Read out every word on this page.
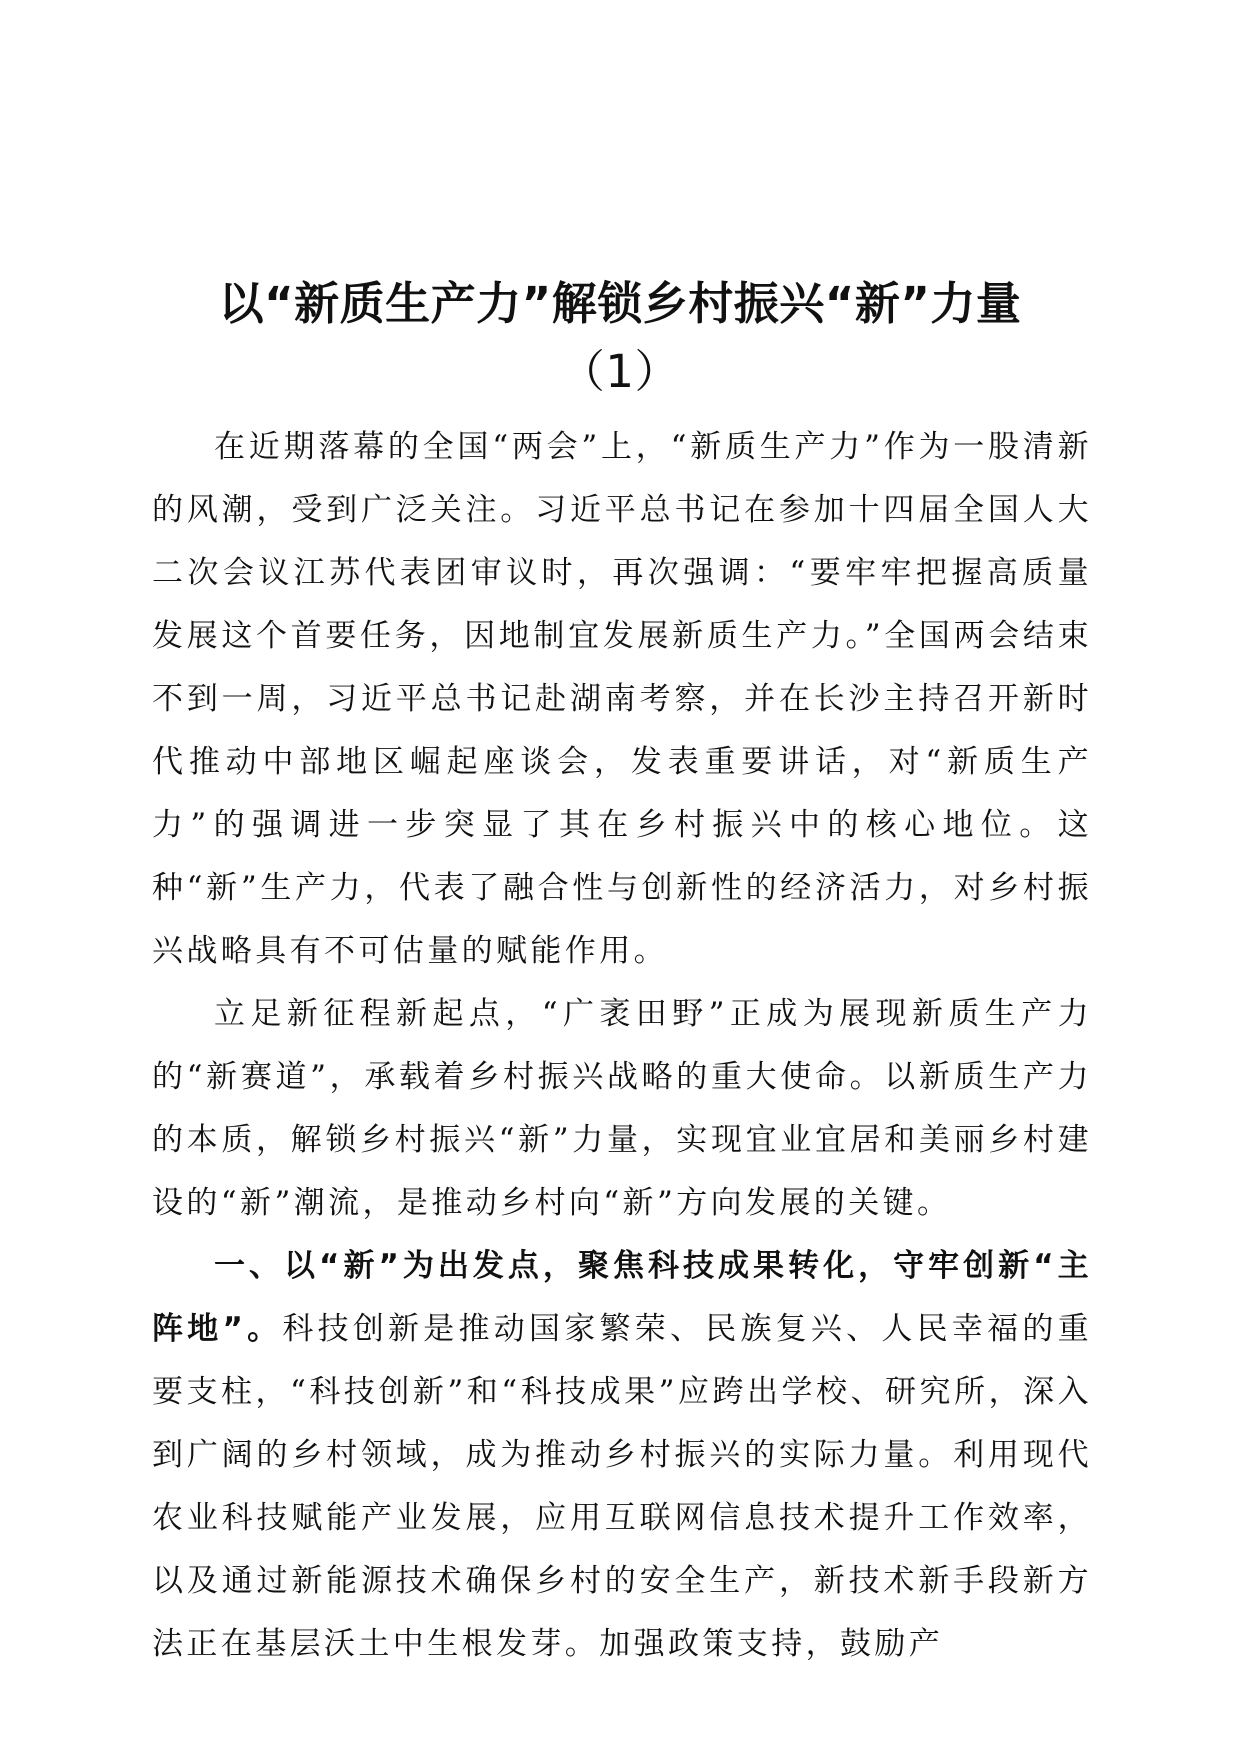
以“新质生产力”解锁乡村振兴“新”力量
（1）

在近期落幕的全国“两会”上，“新质生产力”作为一股清新的风潮，受到广泛关注。习近平总书记在参加十四届全国人大二次会议江苏代表团审议时，再次强调：“要牢牢把握高质量发展这个首要任务，因地制宜发展新质生产力。”全国两会结束不到一周，习近平总书记赴湖南考察，并在长沙主持召开新时代推动中部地区崛起座谈会，发表重要讲话，对“新质生产力”的强调进一步突显了其在乡村振兴中的核心地位。这种“新”生产力，代表了融合性与创新性的经济活力，对乡村振兴战略具有不可估量的赋能作用。

立足新征程新起点，“广袤田野”正成为展现新质生产力的“新赛道”，承载着乡村振兴战略的重大使命。以新质生产力的本质，解锁乡村振兴“新”力量，实现宜业宜居和美丽乡村建设的“新”潮流，是推动乡村向“新”方向发展的关键。

一、以“新”为出发点，聚焦科技成果转化，守牢创新“主阵地”。科技创新是推动国家繁荣、民族复兴、人民幸福的重要支柱，“科技创新”和“科技成果”应跨出学校、研究所，深入到广阔的乡村领域，成为推动乡村振兴的实际力量。利用现代农业科技赋能产业发展，应用互联网信息技术提升工作效率，以及通过新能源技术确保乡村的安全生产，新技术新手段新方法正在基层沃土中生根发芽。加强政策支持，鼓励产
